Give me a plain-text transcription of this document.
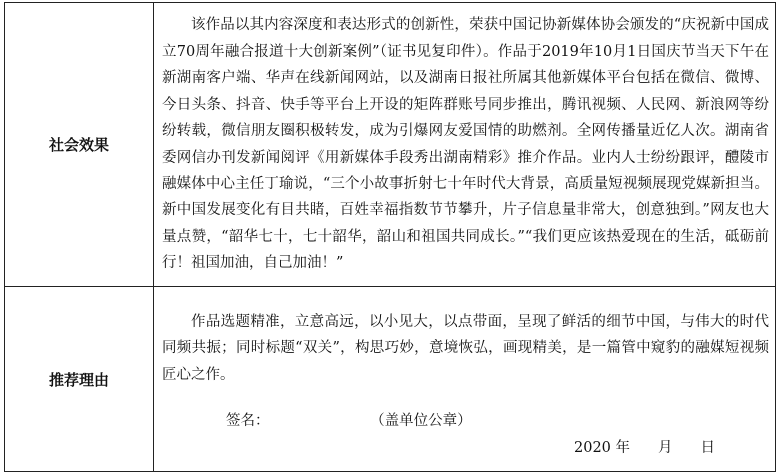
社会效果	该作品以其内容深度和表达形式的创新性，荣获中国记协新媒体协会颁发的“庆祝新中国成立70周年融合报道十大创新案例”（证书见复印件）。作品于2019年10月1日国庆节当天下午在新湖南客户端、华声在线新闻网站，以及湖南日报社所属其他新媒体平台包括在微信、微博、今日头条、抖音、快手等平台上开设的矩阵群账号同步推出，腾讯视频、人民网、新浪网等纷纷转载，微信朋友圈积极转发，成为引爆网友爱国情的助燃剂。全网传播量近亿人次。湖南省委网信办刊发新闻阅评《用新媒体手段秀出湖南精彩》推介作品。业内人士纷纷跟评，醴陵市融媒体中心主任丁瑜说，“三个小故事折射七十年时代大背景，高质量短视频展现党媒新担当。新中国发展变化有目共睹，百姓幸福指数节节攀升，片子信息量非常大，创意独到。”网友也大量点赞，“韶华七十，七十韶华，韶山和祖国共同成长。”“我们更应该热爱现在的生活，砥砺前行！祖国加油，自己加油！”

推荐理由	作品选题精准，立意高远，以小见大，以点带面，呈现了鲜活的细节中国，与伟大的时代同频共振；同时标题“双关”，构思巧妙，意境恢弘，画现精美，是一篇管中窥豹的融媒短视频匠心之作。

签名： （盖单位公章）
2020 年 月 日
